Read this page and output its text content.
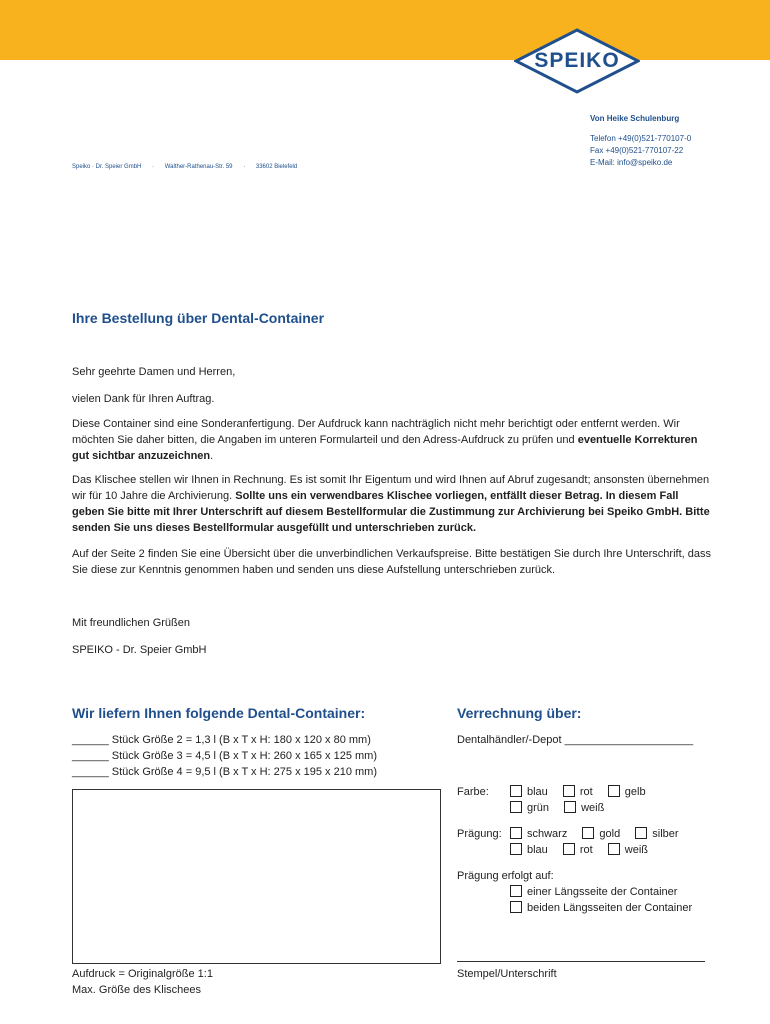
SPEIKO
Von Heike Schulenburg
Telefon +49(0)521-770107-0
Fax +49(0)521-770107-22
E-Mail: info@speiko.de
Speiko · Dr. Speier GmbH · Walther-Rathenau-Str. 59 · 33602 Bielefeld
Ihre Bestellung über Dental-Container
Sehr geehrte Damen und Herren,
vielen Dank für Ihren Auftrag.
Diese Container sind eine Sonderanfertigung. Der Aufdruck kann nachträglich nicht mehr berichtigt oder entfernt werden. Wir möchten Sie daher bitten, die Angaben im unteren Formularteil und den Adress-Aufdruck zu prüfen und eventuelle Korrekturen gut sichtbar anzuzeichnen.
Das Klischee stellen wir Ihnen in Rechnung. Es ist somit Ihr Eigentum und wird Ihnen auf Abruf zugesandt; ansonsten übernehmen wir für 10 Jahre die Archivierung. Sollte uns ein verwendbares Klischee vorliegen, entfällt dieser Betrag. In diesem Fall geben Sie bitte mit Ihrer Unterschrift auf diesem Bestellformular die Zustimmung zur Archivierung bei Speiko GmbH. Bitte senden Sie uns dieses Bestellformular ausgefüllt und unterschrieben zurück.
Auf der Seite 2 finden Sie eine Übersicht über die unverbindlichen Verkaufspreise. Bitte bestätigen Sie durch Ihre Unterschrift, dass Sie diese zur Kenntnis genommen haben und senden uns diese Aufstellung unterschrieben zurück.
Mit freundlichen Grüßen
SPEIKO - Dr. Speier GmbH
Wir liefern Ihnen folgende Dental-Container:
______ Stück Größe 2 = 1,3 l (B x T x H: 180 x 120 x 80 mm)
______ Stück Größe 3 = 4,5 l (B x T x H: 260 x 165 x 125 mm)
______ Stück Größe 4 = 9,5 l (B x T x H: 275 x 195 x 210 mm)
Aufdruck = Originalgröße 1:1
Max. Größe des Klischees
Verrechnung über:
Dentalhändler/-Depot _____________________
Farbe:	blau	rot	gelb
grün	weiß
Prägung:	schwarz	gold	silber
blau	rot	weiß
Prägung erfolgt auf:
einer Längsseite der Container
beiden Längsseiten der Container
Stempel/Unterschrift
